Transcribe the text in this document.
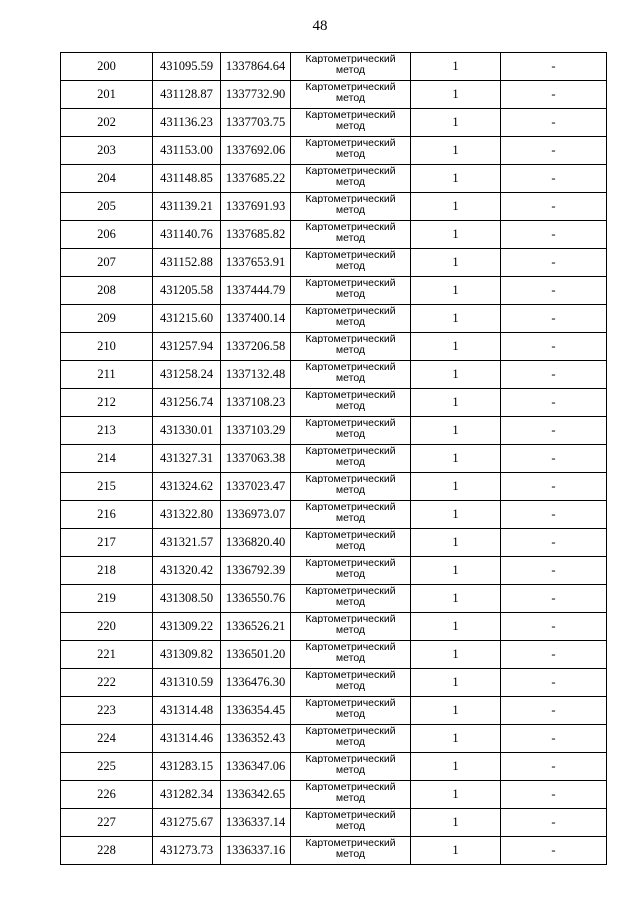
48
200	431095.59	1337864.64	Картометрический метод	1	-
201	431128.87	1337732.90	Картометрический метод	1	-
202	431136.23	1337703.75	Картометрический метод	1	-
203	431153.00	1337692.06	Картометрический метод	1	-
204	431148.85	1337685.22	Картометрический метод	1	-
205	431139.21	1337691.93	Картометрический метод	1	-
206	431140.76	1337685.82	Картометрический метод	1	-
207	431152.88	1337653.91	Картометрический метод	1	-
208	431205.58	1337444.79	Картометрический метод	1	-
209	431215.60	1337400.14	Картометрический метод	1	-
210	431257.94	1337206.58	Картометрический метод	1	-
211	431258.24	1337132.48	Картометрический метод	1	-
212	431256.74	1337108.23	Картометрический метод	1	-
213	431330.01	1337103.29	Картометрический метод	1	-
214	431327.31	1337063.38	Картометрический метод	1	-
215	431324.62	1337023.47	Картометрический метод	1	-
216	431322.80	1336973.07	Картометрический метод	1	-
217	431321.57	1336820.40	Картометрический метод	1	-
218	431320.42	1336792.39	Картометрический метод	1	-
219	431308.50	1336550.76	Картометрический метод	1	-
220	431309.22	1336526.21	Картометрический метод	1	-
221	431309.82	1336501.20	Картометрический метод	1	-
222	431310.59	1336476.30	Картометрический метод	1	-
223	431314.48	1336354.45	Картометрический метод	1	-
224	431314.46	1336352.43	Картометрический метод	1	-
225	431283.15	1336347.06	Картометрический метод	1	-
226	431282.34	1336342.65	Картометрический метод	1	-
227	431275.67	1336337.14	Картометрический метод	1	-
228	431273.73	1336337.16	Картометрический метод	1	-
